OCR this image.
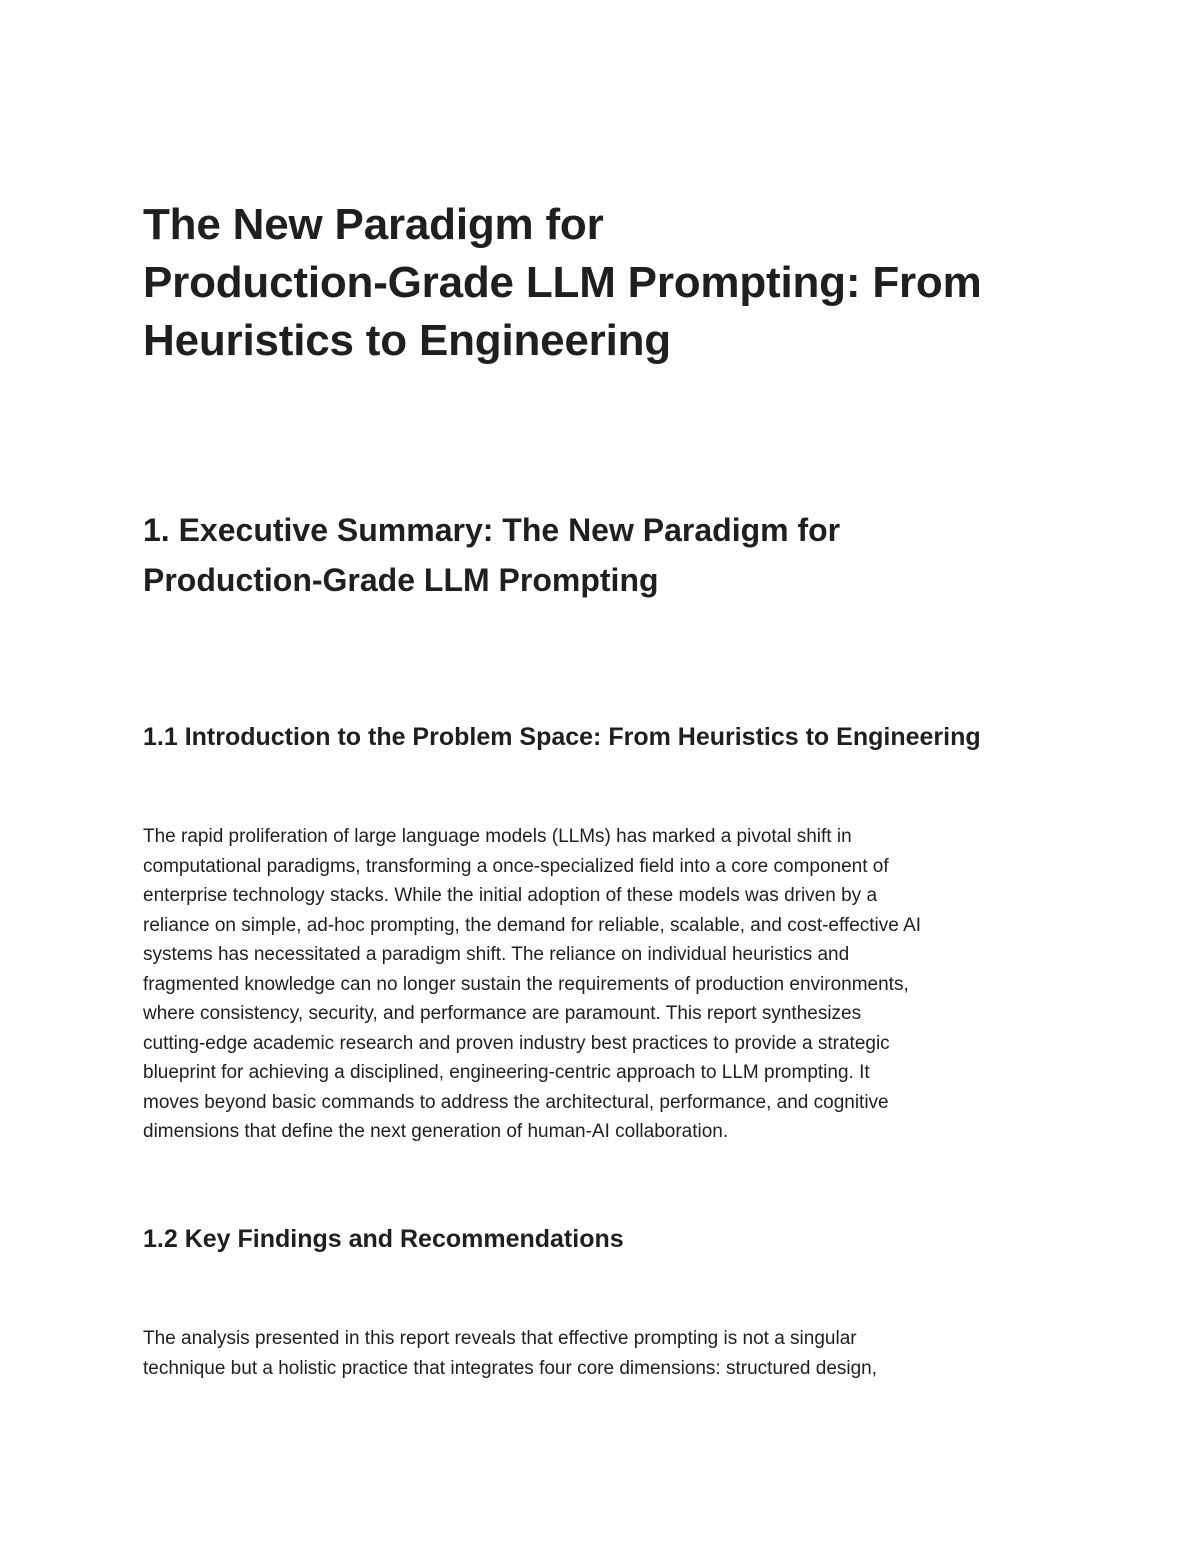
The New Paradigm for
Production-Grade LLM Prompting: From
Heuristics to Engineering
1. Executive Summary: The New Paradigm for
Production-Grade LLM Prompting
1.1 Introduction to the Problem Space: From Heuristics to Engineering

The rapid proliferation of large language models (LLMs) has marked a pivotal shift in
computational paradigms, transforming a once-specialized field into a core component of
enterprise technology stacks. While the initial adoption of these models was driven by a
reliance on simple, ad-hoc prompting, the demand for reliable, scalable, and cost-effective AI
systems has necessitated a paradigm shift. The reliance on individual heuristics and
fragmented knowledge can no longer sustain the requirements of production environments,
where consistency, security, and performance are paramount. This report synthesizes
cutting-edge academic research and proven industry best practices to provide a strategic
blueprint for achieving a disciplined, engineering-centric approach to LLM prompting. It
moves beyond basic commands to address the architectural, performance, and cognitive
dimensions that define the next generation of human-AI collaboration.

1.2 Key Findings and Recommendations

The analysis presented in this report reveals that effective prompting is not a singular
technique but a holistic practice that integrates four core dimensions: structured design,
